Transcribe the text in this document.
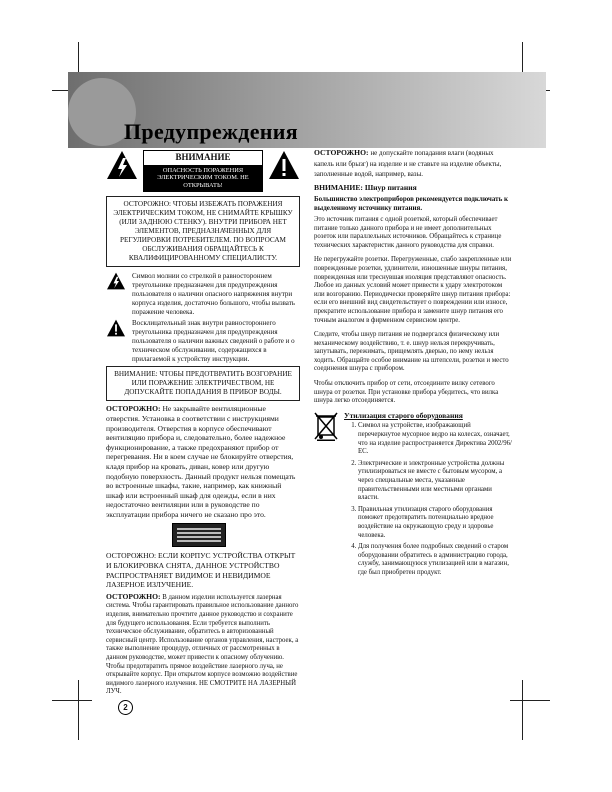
Предупреждения
ВНИМАНИЕ
ОПАСНОСТЬ ПОРАЖЕНИЯ ЭЛЕКТРИЧЕСКИМ ТОКОМ. НЕ ОТКРЫВАТЬ!
ОСТОРОЖНО: ЧТОБЫ ИЗБЕЖАТЬ ПОРАЖЕНИЯ ЭЛЕКТРИЧЕСКИМ ТОКОМ, НЕ СНИМАЙТЕ КРЫШКУ (ИЛИ ЗАДНЮЮ СТЕНКУ). ВНУТРИ ПРИБОРА НЕТ ЭЛЕМЕНТОВ, ПРЕДНАЗНАЧЕННЫХ ДЛЯ РЕГУЛИРОВКИ ПОТРЕБИТЕЛЕМ. ПО ВОПРОСАМ ОБСЛУЖИВАНИЯ ОБРАЩАЙТЕСЬ К КВАЛИФИЦИРОВАННОМУ СПЕЦИАЛИСТУ.
Символ молнии со стрелкой в равностороннем треугольнике предназначен для предупреждения пользователя о наличии опасного напряжения внутри корпуса изделия, достаточно большого, чтобы вызвать поражение человека.
Восклицательный знак внутри равностороннего треугольника предназначен для предупреждения пользователя о наличии важных сведений о работе и о техническом обслуживании, содержащихся в прилагаемой к устройству инструкции.
ВНИМАНИЕ: ЧТОБЫ ПРЕДОТВРАТИТЬ ВОЗГОРАНИЕ ИЛИ ПОРАЖЕНИЕ ЭЛЕКТРИЧЕСТВОМ, НЕ ДОПУСКАЙТЕ ПОПАДАНИЯ В ПРИБОР ВОДЫ.

ОСТОРОЖНО: Не закрывайте вентиляционные отверстия. Установка в соответствии с инструкциями производителя. Отверстия в корпусе обеспечивают вентиляцию прибора и, следовательно, более надежное функционирование, а также предохраняют прибор от перегревания. Ни в коем случае не блокируйте отверстия, кладя прибор на кровать, диван, ковер или другую подобную поверхность. Данный продукт нельзя помещать во встроенные шкафы, такие, например, как книжный шкаф или встроенный шкаф для одежды, если в них недостаточно вентиляции или в руководстве по эксплуатации прибора ничего не сказано про это.

ОСТОРОЖНО: ЕСЛИ КОРПУС УСТРОЙСТВА ОТКРЫТ И БЛОКИРОВКА СНЯТА, ДАННОЕ УСТРОЙСТВО РАСПРОСТРАНЯЕТ ВИДИМОЕ И НЕВИДИМОЕ ЛАЗЕРНОЕ ИЗЛУЧЕНИЕ.

ОСТОРОЖНО: В данном изделии используется лазерная система. Чтобы гарантировать правильное использование данного изделия, внимательно прочтите данное руководство и сохраните для будущего использования. Если требуется выполнить техническое обслуживание, обратитесь в авторизованный сервисный центр. Использование органов управления, настроек, а также выполнение процедур, отличных от рассмотренных в данном руководстве, может привести к опасному облучению. Чтобы предотвратить прямое воздействие лазерного луча, не открывайте корпус. При открытом корпусе возможно воздействие видимого лазерного излучения. НЕ СМОТРИТЕ НА ЛАЗЕРНЫЙ ЛУЧ.

ОСТОРОЖНО: не допускайте попадания влаги (водяных капель или брызг) на изделие и не ставьте на изделие объекты, заполненные водой, например, вазы.

ВНИМАНИЕ: Шнур питания

Большинство электроприборов рекомендуется подключать к выделенному источнику питания.

Это источник питания с одной розеткой, который обеспечивает питание только данного прибора и не имеет дополнительных розеток или параллельных источников. Обращайтесь к странице технических характеристик данного руководства для справки.

Не перегружайте розетки. Перегруженные, слабо закрепленные или поврежденные розетки, удлинители, изношенные шнуры питания, поврежденная или треснувшая изоляция представляют опасность. Любое из данных условий может привести к удару электротоком или возгоранию. Периодически проверяйте шнур питания прибора: если его внешний вид свидетельствует о повреждении или износе, прекратите использование прибора и замените шнур питания его точным аналогом в фирменном сервисном центре.

Следите, чтобы шнур питания не подвергался физическому или механическому воздействию, т. е. шнур нельзя перекручивать, запутывать, пережимать, прищемлять дверью, по нему нельзя ходить. Обращайте особое внимание на штепсели, розетки и место соединения шнура с прибором.

Чтобы отключить прибор от сети, отсоедините вилку сетевого шнура от розетки. При установке прибора убедитесь, что вилка шнура легко отсоединяется.

Утилизация старого оборудования
1. Символ на устройстве, изображающий перечеркнутое мусорное ведро на колесах, означает, что на изделие распространяется Директива 2002/96/ЕС.
2. Электрические и электронные устройства должны утилизироваться не вместе с бытовым мусором, а через специальные места, указанные правительственными или местными органами власти.
3. Правильная утилизация старого оборудования поможет предотвратить потенциально вредное воздействие на окружающую среду и здоровье человека.
4. Для получения более подробных сведений о старом оборудовании обратитесь в администрацию города, службу, занимающуюся утилизацией или в магазин, где был приобретен продукт.
2
